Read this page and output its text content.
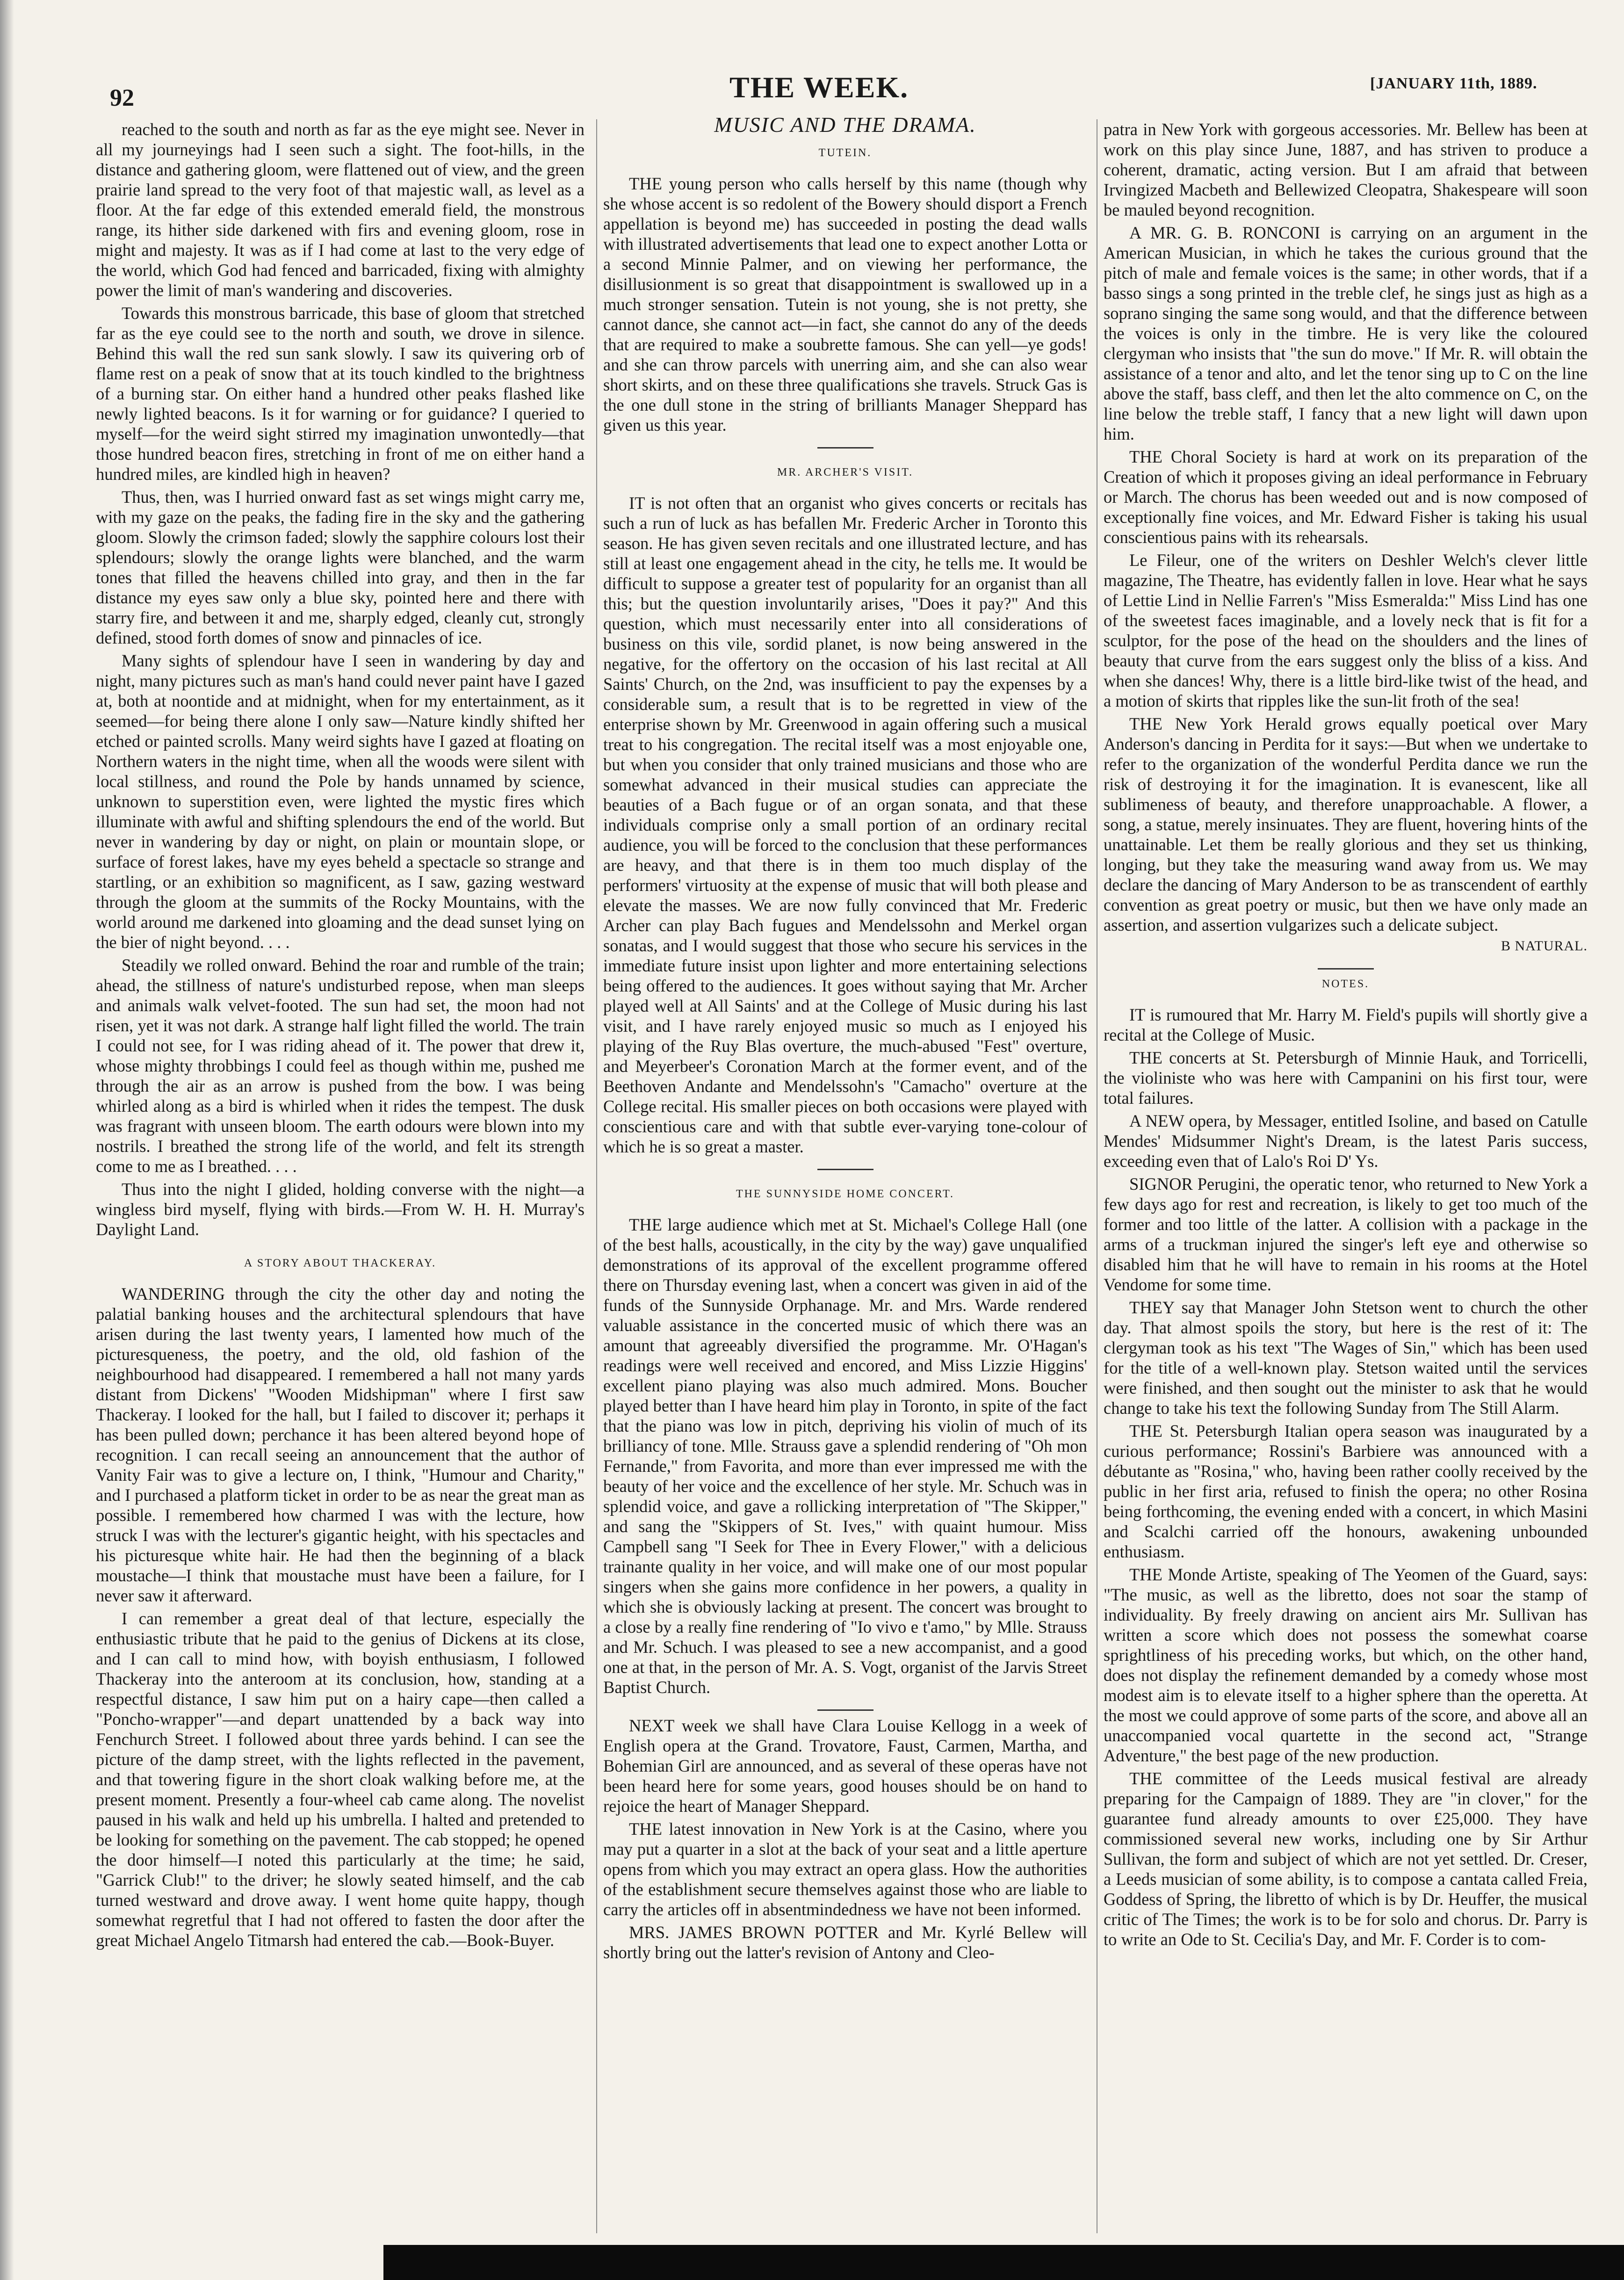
92	THE WEEK.	[JANUARY 11th, 1889.

reached to the south and north as far as the eye might see. Never in all my journeyings had I seen such a sight. The foot-hills, in the distance and gathering gloom, were flattened out of view, and the green prairie land spread to the very foot of that majestic wall, as level as a floor. At the far edge of this extended emerald field, the monstrous range, its hither side darkened with firs and evening gloom, rose in might and majesty. It was as if I had come at last to the very edge of the world, which God had fenced and barricaded, fixing with almighty power the limit of man's wandering and discoveries.

Towards this monstrous barricade, this base of gloom that stretched far as the eye could see to the north and south, we drove in silence. Behind this wall the red sun sank slowly. I saw its quivering orb of flame rest on a peak of snow that at its touch kindled to the brightness of a burning star. On either hand a hundred other peaks flashed like newly lighted beacons. Is it for warning or for guidance? I queried to myself—for the weird sight stirred my imagination unwontedly—that those hundred beacon fires, stretching in front of me on either hand a hundred miles, are kindled high in heaven?

Thus, then, was I hurried onward fast as set wings might carry me, with my gaze on the peaks, the fading fire in the sky and the gathering gloom. Slowly the crimson faded; slowly the sapphire colours lost their splendours; slowly the orange lights were blanched, and the warm tones that filled the heavens chilled into gray, and then in the far distance my eyes saw only a blue sky, pointed here and there with starry fire, and between it and me, sharply edged, cleanly cut, strongly defined, stood forth domes of snow and pinnacles of ice.

Many sights of splendour have I seen in wandering by day and night, many pictures such as man's hand could never paint have I gazed at, both at noontide and at midnight, when for my entertainment, as it seemed—for being there alone I only saw—Nature kindly shifted her etched or painted scrolls. Many weird sights have I gazed at floating on Northern waters in the night time, when all the woods were silent with local stillness, and round the Pole by hands unnamed by science, unknown to superstition even, were lighted the mystic fires which illuminate with awful and shifting splendours the end of the world. But never in wandering by day or night, on plain or mountain slope, or surface of forest lakes, have my eyes beheld a spectacle so strange and startling, or an exhibition so magnificent, as I saw, gazing westward through the gloom at the summits of the Rocky Mountains, with the world around me darkened into gloaming and the dead sunset lying on the bier of night beyond. . . .

Steadily we rolled onward. Behind the roar and rumble of the train; ahead, the stillness of nature's undisturbed repose, when man sleeps and animals walk velvet-footed. The sun had set, the moon had not risen, yet it was not dark. A strange half light filled the world. The train I could not see, for I was riding ahead of it. The power that drew it, whose mighty throbbings I could feel as though within me, pushed me through the air as an arrow is pushed from the bow. I was being whirled along as a bird is whirled when it rides the tempest. The dusk was fragrant with unseen bloom. The earth odours were blown into my nostrils. I breathed the strong life of the world, and felt its strength come to me as I breathed. . . .

Thus into the night I glided, holding converse with the night—a wingless bird myself, flying with birds.—From W. H. H. Murray's Daylight Land.

A STORY ABOUT THACKERAY.

WANDERING through the city the other day and noting the palatial banking houses and the architectural splendours that have arisen during the last twenty years, I lamented how much of the picturesqueness, the poetry, and the old, old fashion of the neighbourhood had disappeared. I remembered a hall not many yards distant from Dickens' "Wooden Midshipman" where I first saw Thackeray. I looked for the hall, but I failed to discover it; perhaps it has been pulled down; perchance it has been altered beyond hope of recognition. I can recall seeing an announcement that the author of Vanity Fair was to give a lecture on, I think, "Humour and Charity," and I purchased a platform ticket in order to be as near the great man as possible. I remembered how charmed I was with the lecture, how struck I was with the lecturer's gigantic height, with his spectacles and his picturesque white hair. He had then the beginning of a black moustache—I think that moustache must have been a failure, for I never saw it afterward.

I can remember a great deal of that lecture, especially the enthusiastic tribute that he paid to the genius of Dickens at its close, and I can call to mind how, with boyish enthusiasm, I followed Thackeray into the anteroom at its conclusion, how, standing at a respectful distance, I saw him put on a hairy cape—then called a "Poncho-wrapper"—and depart unattended by a back way into Fenchurch Street. I followed about three yards behind. I can see the picture of the damp street, with the lights reflected in the pavement, and that towering figure in the short cloak walking before me, at the present moment. Presently a four-wheel cab came along. The novelist paused in his walk and held up his umbrella. I halted and pretended to be looking for something on the pavement. The cab stopped; he opened the door himself—I noted this particularly at the time; he said, "Garrick Club!" to the driver; he slowly seated himself, and the cab turned westward and drove away. I went home quite happy, though somewhat regretful that I had not offered to fasten the door after the great Michael Angelo Titmarsh had entered the cab.—Book-Buyer.

MUSIC AND THE DRAMA.
TUTEIN.

THE young person who calls herself by this name (though why she whose accent is so redolent of the Bowery should disport a French appellation is beyond me) has succeeded in posting the dead walls with illustrated advertisements that lead one to expect another Lotta or a second Minnie Palmer, and on viewing her performance, the disillusionment is so great that disappointment is swallowed up in a much stronger sensation. Tutein is not young, she is not pretty, she cannot dance, she cannot act—in fact, she cannot do any of the deeds that are required to make a soubrette famous. She can yell—ye gods! and she can throw parcels with unerring aim, and she can also wear short skirts, and on these three qualifications she travels. Struck Gas is the one dull stone in the string of brilliants Manager Sheppard has given us this year.

MR. ARCHER'S VISIT.

IT is not often that an organist who gives concerts or recitals has such a run of luck as has befallen Mr. Frederic Archer in Toronto this season. He has given seven recitals and one illustrated lecture, and has still at least one engagement ahead in the city, he tells me. It would be difficult to suppose a greater test of popularity for an organist than all this; but the question involuntarily arises, "Does it pay?" And this question, which must necessarily enter into all considerations of business on this vile, sordid planet, is now being answered in the negative, for the offertory on the occasion of his last recital at All Saints' Church, on the 2nd, was insufficient to pay the expenses by a considerable sum, a result that is to be regretted in view of the enterprise shown by Mr. Greenwood in again offering such a musical treat to his congregation. The recital itself was a most enjoyable one, but when you consider that only trained musicians and those who are somewhat advanced in their musical studies can appreciate the beauties of a Bach fugue or of an organ sonata, and that these individuals comprise only a small portion of an ordinary recital audience, you will be forced to the conclusion that these performances are heavy, and that there is in them too much display of the performers' virtuosity at the expense of music that will both please and elevate the masses. We are now fully convinced that Mr. Frederic Archer can play Bach fugues and Mendelssohn and Merkel organ sonatas, and I would suggest that those who secure his services in the immediate future insist upon lighter and more entertaining selections being offered to the audiences. It goes without saying that Mr. Archer played well at All Saints' and at the College of Music during his last visit, and I have rarely enjoyed music so much as I enjoyed his playing of the Ruy Blas overture, the much-abused "Fest" overture, and Meyerbeer's Coronation March at the former event, and of the Beethoven Andante and Mendelssohn's "Camacho" overture at the College recital. His smaller pieces on both occasions were played with conscientious care and with that subtle ever-varying tone-colour of which he is so great a master.

THE SUNNYSIDE HOME CONCERT.

THE large audience which met at St. Michael's College Hall (one of the best halls, acoustically, in the city by the way) gave unqualified demonstrations of its approval of the excellent programme offered there on Thursday evening last, when a concert was given in aid of the funds of the Sunnyside Orphanage. Mr. and Mrs. Warde rendered valuable assistance in the concerted music of which there was an amount that agreeably diversified the programme. Mr. O'Hagan's readings were well received and encored, and Miss Lizzie Higgins' excellent piano playing was also much admired. Mons. Boucher played better than I have heard him play in Toronto, in spite of the fact that the piano was low in pitch, depriving his violin of much of its brilliancy of tone. Mlle. Strauss gave a splendid rendering of "Oh mon Fernande," from Favorita, and more than ever impressed me with the beauty of her voice and the excellence of her style. Mr. Schuch was in splendid voice, and gave a rollicking interpretation of "The Skipper," and sang the "Skippers of St. Ives," with quaint humour. Miss Campbell sang "I Seek for Thee in Every Flower," with a delicious trainante quality in her voice, and will make one of our most popular singers when she gains more confidence in her powers, a quality in which she is obviously lacking at present. The concert was brought to a close by a really fine rendering of "Io vivo e t'amo," by Mlle. Strauss and Mr. Schuch. I was pleased to see a new accompanist, and a good one at that, in the person of Mr. A. S. Vogt, organist of the Jarvis Street Baptist Church.

NEXT week we shall have Clara Louise Kellogg in a week of English opera at the Grand. Trovatore, Faust, Carmen, Martha, and Bohemian Girl are announced, and as several of these operas have not been heard here for some years, good houses should be on hand to rejoice the heart of Manager Sheppard.

THE latest innovation in New York is at the Casino, where you may put a quarter in a slot at the back of your seat and a little aperture opens from which you may extract an opera glass. How the authorities of the establishment secure themselves against those who are liable to carry the articles off in absentmindedness we have not been informed.

MRS. JAMES BROWN POTTER and Mr. Kyrlé Bellew will shortly bring out the latter's revision of Antony and Cleo-

patra in New York with gorgeous accessories. Mr. Bellew has been at work on this play since June, 1887, and has striven to produce a coherent, dramatic, acting version. But I am afraid that between Irvingized Macbeth and Bellewized Cleopatra, Shakespeare will soon be mauled beyond recognition.

A MR. G. B. RONCONI is carrying on an argument in the American Musician, in which he takes the curious ground that the pitch of male and female voices is the same; in other words, that if a basso sings a song printed in the treble clef, he sings just as high as a soprano singing the same song would, and that the difference between the voices is only in the timbre. He is very like the coloured clergyman who insists that "the sun do move." If Mr. R. will obtain the assistance of a tenor and alto, and let the tenor sing up to C on the line above the staff, bass cleff, and then let the alto commence on C, on the line below the treble staff, I fancy that a new light will dawn upon him.

THE Choral Society is hard at work on its preparation of the Creation of which it proposes giving an ideal performance in February or March. The chorus has been weeded out and is now composed of exceptionally fine voices, and Mr. Edward Fisher is taking his usual conscientious pains with its rehearsals.

Le Fileur, one of the writers on Deshler Welch's clever little magazine, The Theatre, has evidently fallen in love. Hear what he says of Lettie Lind in Nellie Farren's "Miss Esmeralda:" Miss Lind has one of the sweetest faces imaginable, and a lovely neck that is fit for a sculptor, for the pose of the head on the shoulders and the lines of beauty that curve from the ears suggest only the bliss of a kiss. And when she dances! Why, there is a little bird-like twist of the head, and a motion of skirts that ripples like the sun-lit froth of the sea!

THE New York Herald grows equally poetical over Mary Anderson's dancing in Perdita for it says:—But when we undertake to refer to the organization of the wonderful Perdita dance we run the risk of destroying it for the imagination. It is evanescent, like all sublimeness of beauty, and therefore unapproachable. A flower, a song, a statue, merely insinuates. They are fluent, hovering hints of the unattainable. Let them be really glorious and they set us thinking, longing, but they take the measuring wand away from us. We may declare the dancing of Mary Anderson to be as transcendent of earthly convention as great poetry or music, but then we have only made an assertion, and assertion vulgarizes such a delicate subject.

B NATURAL.
NOTES.

IT is rumoured that Mr. Harry M. Field's pupils will shortly give a recital at the College of Music.

THE concerts at St. Petersburgh of Minnie Hauk, and Torricelli, the violiniste who was here with Campanini on his first tour, were total failures.

A NEW opera, by Messager, entitled Isoline, and based on Catulle Mendes' Midsummer Night's Dream, is the latest Paris success, exceeding even that of Lalo's Roi D' Ys.

SIGNOR Perugini, the operatic tenor, who returned to New York a few days ago for rest and recreation, is likely to get too much of the former and too little of the latter. A collision with a package in the arms of a truckman injured the singer's left eye and otherwise so disabled him that he will have to remain in his rooms at the Hotel Vendome for some time.

THEY say that Manager John Stetson went to church the other day. That almost spoils the story, but here is the rest of it: The clergyman took as his text "The Wages of Sin," which has been used for the title of a well-known play. Stetson waited until the services were finished, and then sought out the minister to ask that he would change to take his text the following Sunday from The Still Alarm.

THE St. Petersburgh Italian opera season was inaugurated by a curious performance; Rossini's Barbiere was announced with a débutante as "Rosina," who, having been rather coolly received by the public in her first aria, refused to finish the opera; no other Rosina being forthcoming, the evening ended with a concert, in which Masini and Scalchi carried off the honours, awakening unbounded enthusiasm.

THE Monde Artiste, speaking of The Yeomen of the Guard, says: "The music, as well as the libretto, does not soar the stamp of individuality. By freely drawing on ancient airs Mr. Sullivan has written a score which does not possess the somewhat coarse sprightliness of his preceding works, but which, on the other hand, does not display the refinement demanded by a comedy whose most modest aim is to elevate itself to a higher sphere than the operetta. At the most we could approve of some parts of the score, and above all an unaccompanied vocal quartette in the second act, "Strange Adventure," the best page of the new production.

THE committee of the Leeds musical festival are already preparing for the Campaign of 1889. They are "in clover," for the guarantee fund already amounts to over £25,000. They have commissioned several new works, including one by Sir Arthur Sullivan, the form and subject of which are not yet settled. Dr. Creser, a Leeds musician of some ability, is to compose a cantata called Freia, Goddess of Spring, the libretto of which is by Dr. Heuffer, the musical critic of The Times; the work is to be for solo and chorus. Dr. Parry is to write an Ode to St. Cecilia's Day, and Mr. F. Corder is to com-
